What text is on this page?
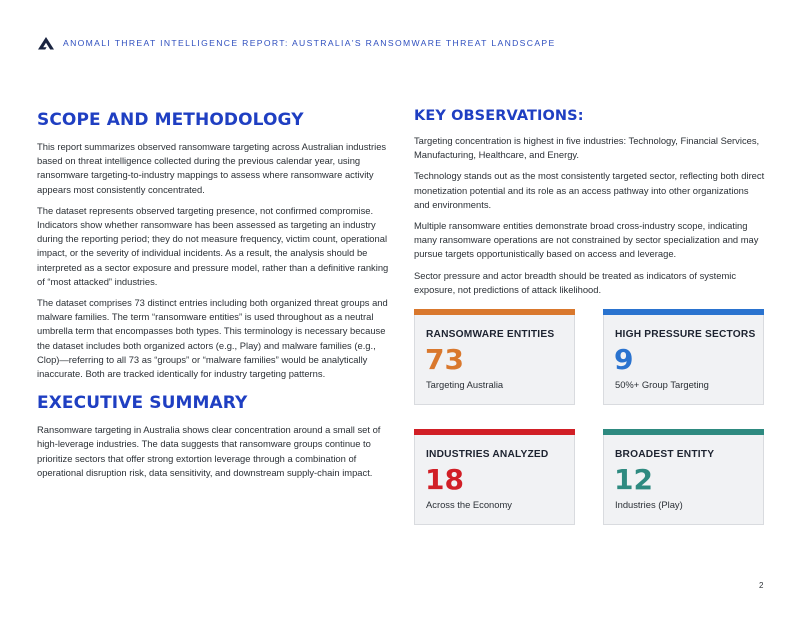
ANOMALI THREAT INTELLIGENCE REPORT: AUSTRALIA'S RANSOMWARE THREAT LANDSCAPE
SCOPE AND METHODOLOGY

This report summarizes observed ransomware targeting across Australian industries based on threat intelligence collected during the previous calendar year, using ransomware targeting-to-industry mappings to assess where ransomware activity appears most consistently concentrated.

The dataset represents observed targeting presence, not confirmed compromise. Indicators show whether ransomware has been assessed as targeting an industry during the reporting period; they do not measure frequency, victim count, operational impact, or the severity of individual incidents. As a result, the analysis should be interpreted as a sector exposure and pressure model, rather than a definitive ranking of “most attacked” industries.

The dataset comprises 73 distinct entries including both organized threat groups and malware families. The term “ransomware entities” is used throughout as a neutral umbrella term that encompasses both types. This terminology is necessary because the dataset includes both organized actors (e.g., Play) and malware families (e.g., Clop)—referring to all 73 as “groups” or “malware families” would be analytically inaccurate. Both are tracked identically for industry targeting patterns.

EXECUTIVE SUMMARY

Ransomware targeting in Australia shows clear concentration around a small set of high-leverage industries. The data suggests that ransomware groups continue to prioritize sectors that offer strong extortion leverage through a combination of operational disruption risk, data sensitivity, and downstream supply-chain impact.

KEY OBSERVATIONS:

Targeting concentration is highest in five industries: Technology, Financial Services, Manufacturing, Healthcare, and Energy.

Technology stands out as the most consistently targeted sector, reflecting both direct monetization potential and its role as an access pathway into other organizations and environments.

Multiple ransomware entities demonstrate broad cross-industry scope, indicating many ransomware operations are not constrained by sector specialization and may pursue targets opportunistically based on access and leverage.

Sector pressure and actor breadth should be treated as indicators of systemic exposure, not predictions of attack likelihood.

RANSOMWARE ENTITIES
73
Targeting Australia
HIGH PRESSURE SECTORS
9
50%+ Group Targeting
INDUSTRIES ANALYZED
18
Across the Economy
BROADEST ENTITY
12
Industries (Play)
2
